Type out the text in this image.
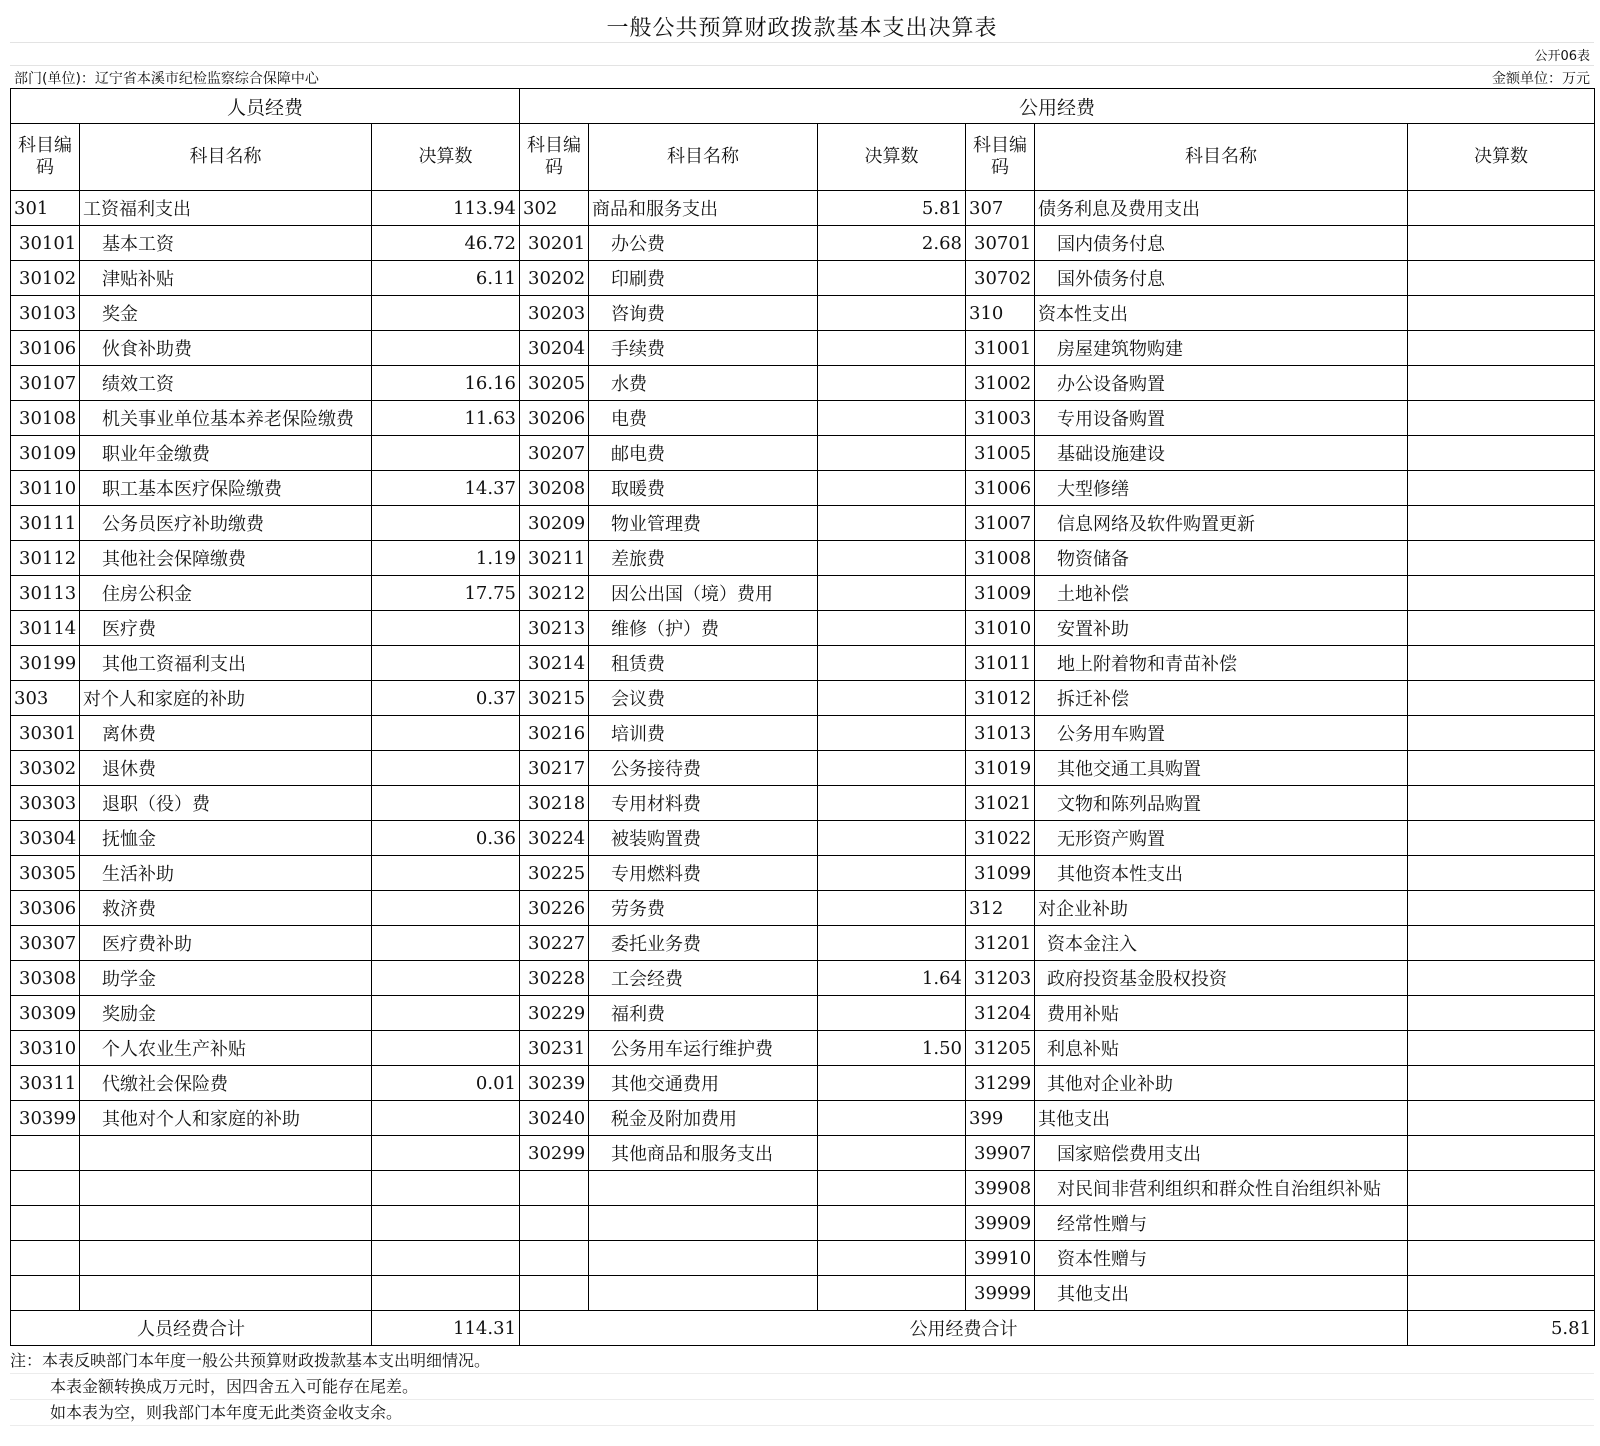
一般公共预算财政拨款基本支出决算表
公开06表
部门(单位)：辽宁省本溪市纪检监察综合保障中心	金额单位：万元
人员经费			公用经费					
科目编码	科目名称	决算数	科目编码	科目名称	决算数	科目编码	科目名称	决算数
301	工资福利支出	113.94	302	商品和服务支出	5.81	307	债务利息及费用支出	
30101	基本工资	46.72	30201	办公费	2.68	30701	国内债务付息	
30102	津贴补贴	6.11	30202	印刷费		30702	国外债务付息	
30103	奖金		30203	咨询费		310	资本性支出	
30106	伙食补助费		30204	手续费		31001	房屋建筑物购建	
30107	绩效工资	16.16	30205	水费		31002	办公设备购置	
30108	机关事业单位基本养老保险缴费	11.63	30206	电费		31003	专用设备购置	
30109	职业年金缴费		30207	邮电费		31005	基础设施建设	
30110	职工基本医疗保险缴费	14.37	30208	取暖费		31006	大型修缮	
30111	公务员医疗补助缴费		30209	物业管理费		31007	信息网络及软件购置更新	
30112	其他社会保障缴费	1.19	30211	差旅费		31008	物资储备	
30113	住房公积金	17.75	30212	因公出国（境）费用		31009	土地补偿	
30114	医疗费		30213	维修（护）费		31010	安置补助	
30199	其他工资福利支出		30214	租赁费		31011	地上附着物和青苗补偿	
303	对个人和家庭的补助	0.37	30215	会议费		31012	拆迁补偿	
30301	离休费		30216	培训费		31013	公务用车购置	
30302	退休费		30217	公务接待费		31019	其他交通工具购置	
30303	退职（役）费		30218	专用材料费		31021	文物和陈列品购置	
30304	抚恤金	0.36	30224	被装购置费		31022	无形资产购置	
30305	生活补助		30225	专用燃料费		31099	其他资本性支出	
30306	救济费		30226	劳务费		312	对企业补助	
30307	医疗费补助		30227	委托业务费		31201	资本金注入	
30308	助学金		30228	工会经费	1.64	31203	政府投资基金股权投资	
30309	奖励金		30229	福利费		31204	费用补贴	
30310	个人农业生产补贴		30231	公务用车运行维护费	1.50	31205	利息补贴	
30311	代缴社会保险费	0.01	30239	其他交通费用		31299	其他对企业补助	
30399	其他对个人和家庭的补助		30240	税金及附加费用		399	其他支出	
			30299	其他商品和服务支出		39907	国家赔偿费用支出	
						39908	对民间非营利组织和群众性自治组织补贴	
						39909	经常性赠与	
						39910	资本性赠与	
						39999	其他支出	
人员经费合计		114.31	公用经费合计					5.81
注：本表反映部门本年度一般公共预算财政拨款基本支出明细情况。
本表金额转换成万元时，因四舍五入可能存在尾差。
如本表为空，则我部门本年度无此类资金收支余。
